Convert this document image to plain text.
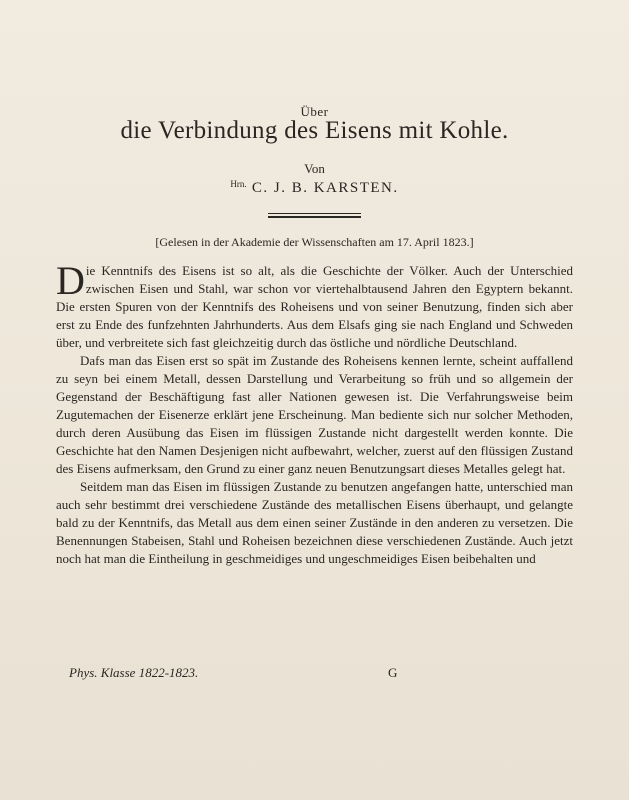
Über
die Verbindung des Eisens mit Kohle.
Von
$^{Hrn.}$ C. J. B. KARSTEN.
[Gelesen in der Akademie der Wissenschaften am 17. April 1823.]

Die Kenntnifs des Eisens ist so alt, als die Geschichte der Völker. Auch der Unterschied zwischen Eisen und Stahl, war schon vor viertehalbtausend Jahren den Egyptern bekannt. Die ersten Spuren von der Kenntnifs des Roheisens und von seiner Benutzung, finden sich aber erst zu Ende des funfzehnten Jahrhunderts. Aus dem Elsafs ging sie nach England und Schweden über, und verbreitete sich fast gleichzeitig durch das östliche und nördliche Deutschland.

Dafs man das Eisen erst so spät im Zustande des Roheisens kennen lernte, scheint auffallend zu seyn bei einem Metall, dessen Darstellung und Verarbeitung so früh und so allgemein der Gegenstand der Beschäftigung fast aller Nationen gewesen ist. Die Verfahrungsweise beim Zugutemachen der Eisenerze erklärt jene Erscheinung. Man bediente sich nur solcher Methoden, durch deren Ausübung das Eisen im flüssigen Zustande nicht dargestellt werden konnte. Die Geschichte hat den Namen Desjenigen nicht aufbewahrt, welcher, zuerst auf den flüssigen Zustand des Eisens aufmerksam, den Grund zu einer ganz neuen Benutzungsart dieses Metalles gelegt hat.

Seitdem man das Eisen im flüssigen Zustande zu benutzen angefangen hatte, unterschied man auch sehr bestimmt drei verschiedene Zustände des metallischen Eisens überhaupt, und gelangte bald zu der Kenntnifs, das Metall aus dem einen seiner Zustände in den anderen zu versetzen. Die Benennungen Stabeisen, Stahl und Roheisen bezeichnen diese verschiedenen Zustände. Auch jetzt noch hat man die Eintheilung in geschmeidiges und ungeschmeidiges Eisen beibehalten und

Phys. Klasse 1822-1823.	G
